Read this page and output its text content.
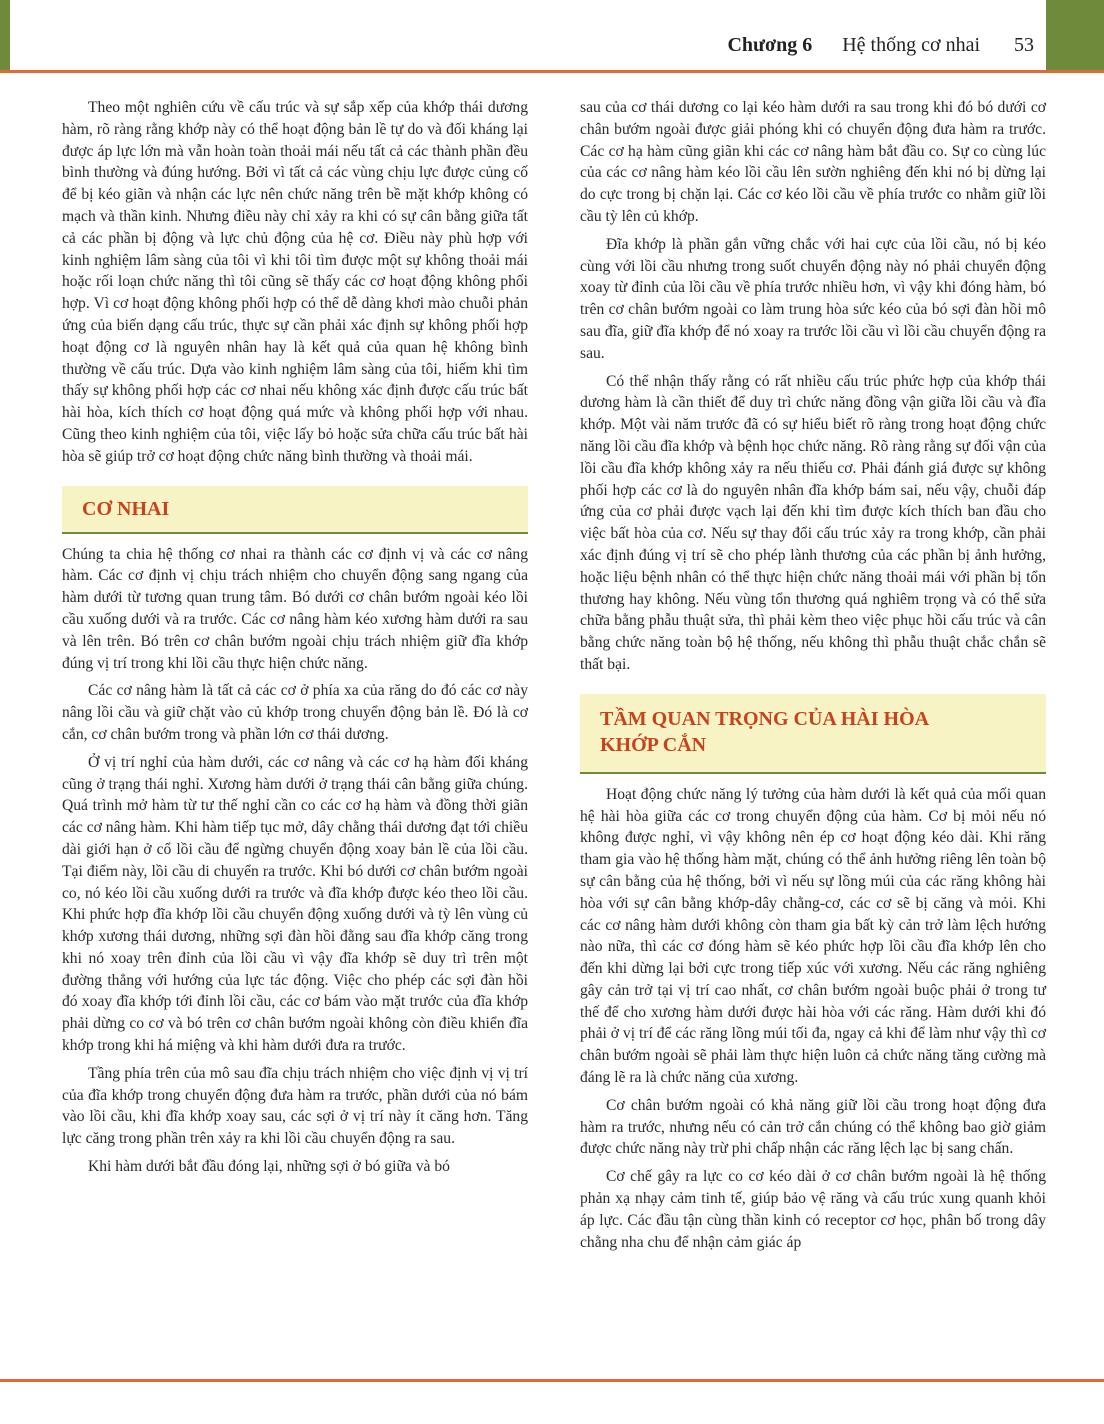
Chương 6 Hệ thống cơ nhai 53

Theo một nghiên cứu về cấu trúc và sự sắp xếp của khớp thái dương hàm, rõ ràng rằng khớp này có thể hoạt động bản lề tự do và đối kháng lại được áp lực lớn mà vẫn hoàn toàn thoải mái nếu tất cả các thành phần đều bình thường và đúng hướng. Bởi vì tất cả các vùng chịu lực được củng cố để bị kéo giãn và nhận các lực nên chức năng trên bề mặt khớp không có mạch và thần kinh. Nhưng điều này chỉ xảy ra khi có sự cân bằng giữa tất cả các phần bị động và lực chủ động của hệ cơ. Điều này phù hợp với kinh nghiệm lâm sàng của tôi vì khi tôi tìm được một sự không thoải mái hoặc rối loạn chức năng thì tôi cũng sẽ thấy các cơ hoạt động không phối hợp. Vì cơ hoạt động không phối hợp có thể dễ dàng khơi mào chuỗi phản ứng của biến dạng cấu trúc, thực sự cần phải xác định sự không phối hợp hoạt động cơ là nguyên nhân hay là kết quả của quan hệ không bình thường về cấu trúc. Dựa vào kinh nghiệm lâm sàng của tôi, hiếm khi tìm thấy sự không phối hợp các cơ nhai nếu không xác định được cấu trúc bất hài hòa, kích thích cơ hoạt động quá mức và không phối hợp với nhau. Cũng theo kinh nghiệm của tôi, việc lấy bỏ hoặc sửa chữa cấu trúc bất hài hòa sẽ giúp trở cơ hoạt động chức năng bình thường và thoải mái.

CƠ NHAI

Chúng ta chia hệ thống cơ nhai ra thành các cơ định vị và các cơ nâng hàm. Các cơ định vị chịu trách nhiệm cho chuyển động sang ngang của hàm dưới từ tương quan trung tâm. Bó dưới cơ chân bướm ngoài kéo lồi cầu xuống dưới và ra trước. Các cơ nâng hàm kéo xương hàm dưới ra sau và lên trên. Bó trên cơ chân bướm ngoài chịu trách nhiệm giữ đĩa khớp đúng vị trí trong khi lồi cầu thực hiện chức năng.

Các cơ nâng hàm là tất cả các cơ ở phía xa của răng do đó các cơ này nâng lồi cầu và giữ chặt vào củ khớp trong chuyển động bản lề. Đó là cơ cắn, cơ chân bướm trong và phần lớn cơ thái dương.

Ở vị trí nghỉ của hàm dưới, các cơ nâng và các cơ hạ hàm đối kháng cũng ở trạng thái nghỉ. Xương hàm dưới ở trạng thái cân bằng giữa chúng. Quá trình mở hàm từ tư thế nghỉ cần co các cơ hạ hàm và đồng thời giãn các cơ nâng hàm. Khi hàm tiếp tục mở, dây chằng thái dương đạt tới chiều dài giới hạn ở cổ lồi cầu để ngừng chuyển động xoay bản lề của lồi cầu. Tại điểm này, lồi cầu di chuyển ra trước. Khi bó dưới cơ chân bướm ngoài co, nó kéo lồi cầu xuống dưới ra trước và đĩa khớp được kéo theo lồi cầu. Khi phức hợp đĩa khớp lồi cầu chuyển động xuống dưới và tỳ lên vùng củ khớp xương thái dương, những sợi đàn hồi đằng sau đĩa khớp căng trong khi nó xoay trên đỉnh của lồi cầu vì vậy đĩa khớp sẽ duy trì trên một đường thẳng với hướng của lực tác động. Việc cho phép các sợi đàn hồi đó xoay đĩa khớp tới đỉnh lồi cầu, các cơ bám vào mặt trước của đĩa khớp phải dừng co cơ và bó trên cơ chân bướm ngoài không còn điều khiển đĩa khớp trong khi há miệng và khi hàm dưới đưa ra trước.

Tầng phía trên của mô sau đĩa chịu trách nhiệm cho việc định vị vị trí của đĩa khớp trong chuyển động đưa hàm ra trước, phần dưới của nó bám vào lồi cầu, khi đĩa khớp xoay sau, các sợi ở vị trí này ít căng hơn. Tăng lực căng trong phần trên xảy ra khi lồi cầu chuyển động ra sau.

Khi hàm dưới bắt đầu đóng lại, những sợi ở bó giữa và bó

sau của cơ thái dương co lại kéo hàm dưới ra sau trong khi đó bó dưới cơ chân bướm ngoài được giải phóng khi có chuyển động đưa hàm ra trước. Các cơ hạ hàm cũng giãn khi các cơ nâng hàm bắt đầu co. Sự co cùng lúc của các cơ nâng hàm kéo lồi cầu lên sườn nghiêng đến khi nó bị dừng lại do cực trong bị chặn lại. Các cơ kéo lồi cầu về phía trước co nhằm giữ lồi cầu tỳ lên củ khớp.

Đĩa khớp là phần gắn vững chắc với hai cực của lồi cầu, nó bị kéo cùng với lồi cầu nhưng trong suốt chuyển động này nó phải chuyển động xoay từ đỉnh của lồi cầu về phía trước nhiều hơn, vì vậy khi đóng hàm, bó trên cơ chân bướm ngoài co làm trung hòa sức kéo của bó sợi đàn hồi mô sau đĩa, giữ đĩa khớp để nó xoay ra trước lồi cầu vì lồi cầu chuyển động ra sau.

Có thể nhận thấy rằng có rất nhiều cấu trúc phức hợp của khớp thái dương hàm là cần thiết để duy trì chức năng đồng vận giữa lồi cầu và đĩa khớp. Một vài năm trước đã có sự hiểu biết rõ ràng trong hoạt động chức năng lồi cầu đĩa khớp và bệnh học chức năng. Rõ ràng rằng sự đối vận của lồi cầu đĩa khớp không xảy ra nếu thiếu cơ. Phải đánh giá được sự không phối hợp các cơ là do nguyên nhân đĩa khớp bám sai, nếu vậy, chuỗi đáp ứng của cơ phải được vạch lại đến khi tìm được kích thích ban đầu cho việc bất hòa của cơ. Nếu sự thay đổi cấu trúc xảy ra trong khớp, cần phải xác định đúng vị trí sẽ cho phép lành thương của các phần bị ảnh hưởng, hoặc liệu bệnh nhân có thể thực hiện chức năng thoải mái với phần bị tổn thương hay không. Nếu vùng tổn thương quá nghiêm trọng và có thể sửa chữa bằng phẫu thuật sửa, thì phải kèm theo việc phục hồi cấu trúc và cân bằng chức năng toàn bộ hệ thống, nếu không thì phẫu thuật chắc chắn sẽ thất bại.

TẦM QUAN TRỌNG CỦA HÀI HÒA
KHỚP CẮN

Hoạt động chức năng lý tưởng của hàm dưới là kết quả của mối quan hệ hài hòa giữa các cơ trong chuyển động của hàm. Cơ bị mỏi nếu nó không được nghỉ, vì vậy không nên ép cơ hoạt động kéo dài. Khi răng tham gia vào hệ thống hàm mặt, chúng có thể ảnh hưởng riêng lên toàn bộ sự cân bằng của hệ thống, bởi vì nếu sự lồng múi của các răng không hài hòa với sự cân bằng khớp-dây chằng-cơ, các cơ sẽ bị căng và mỏi. Khi các cơ nâng hàm dưới không còn tham gia bất kỳ cản trở làm lệch hướng nào nữa, thì các cơ đóng hàm sẽ kéo phức hợp lồi cầu đĩa khớp lên cho đến khi dừng lại bởi cực trong tiếp xúc với xương. Nếu các răng nghiêng gây cản trở tại vị trí cao nhất, cơ chân bướm ngoài buộc phải ở trong tư thế để cho xương hàm dưới được hài hòa với các răng. Hàm dưới khi đó phải ở vị trí để các răng lồng múi tối đa, ngay cả khi để làm như vậy thì cơ chân bướm ngoài sẽ phải làm thực hiện luôn cả chức năng tăng cường mà đáng lẽ ra là chức năng của xương.

Cơ chân bướm ngoài có khả năng giữ lồi cầu trong hoạt động đưa hàm ra trước, nhưng nếu có cản trở cắn chúng có thể không bao giờ giảm được chức năng này trừ phi chấp nhận các răng lệch lạc bị sang chấn.

Cơ chế gây ra lực co cơ kéo dài ở cơ chân bướm ngoài là hệ thống phản xạ nhạy cảm tinh tế, giúp bảo vệ răng và cấu trúc xung quanh khỏi áp lực. Các đầu tận cùng thần kinh có receptor cơ học, phân bố trong dây chằng nha chu để nhận cảm giác áp
